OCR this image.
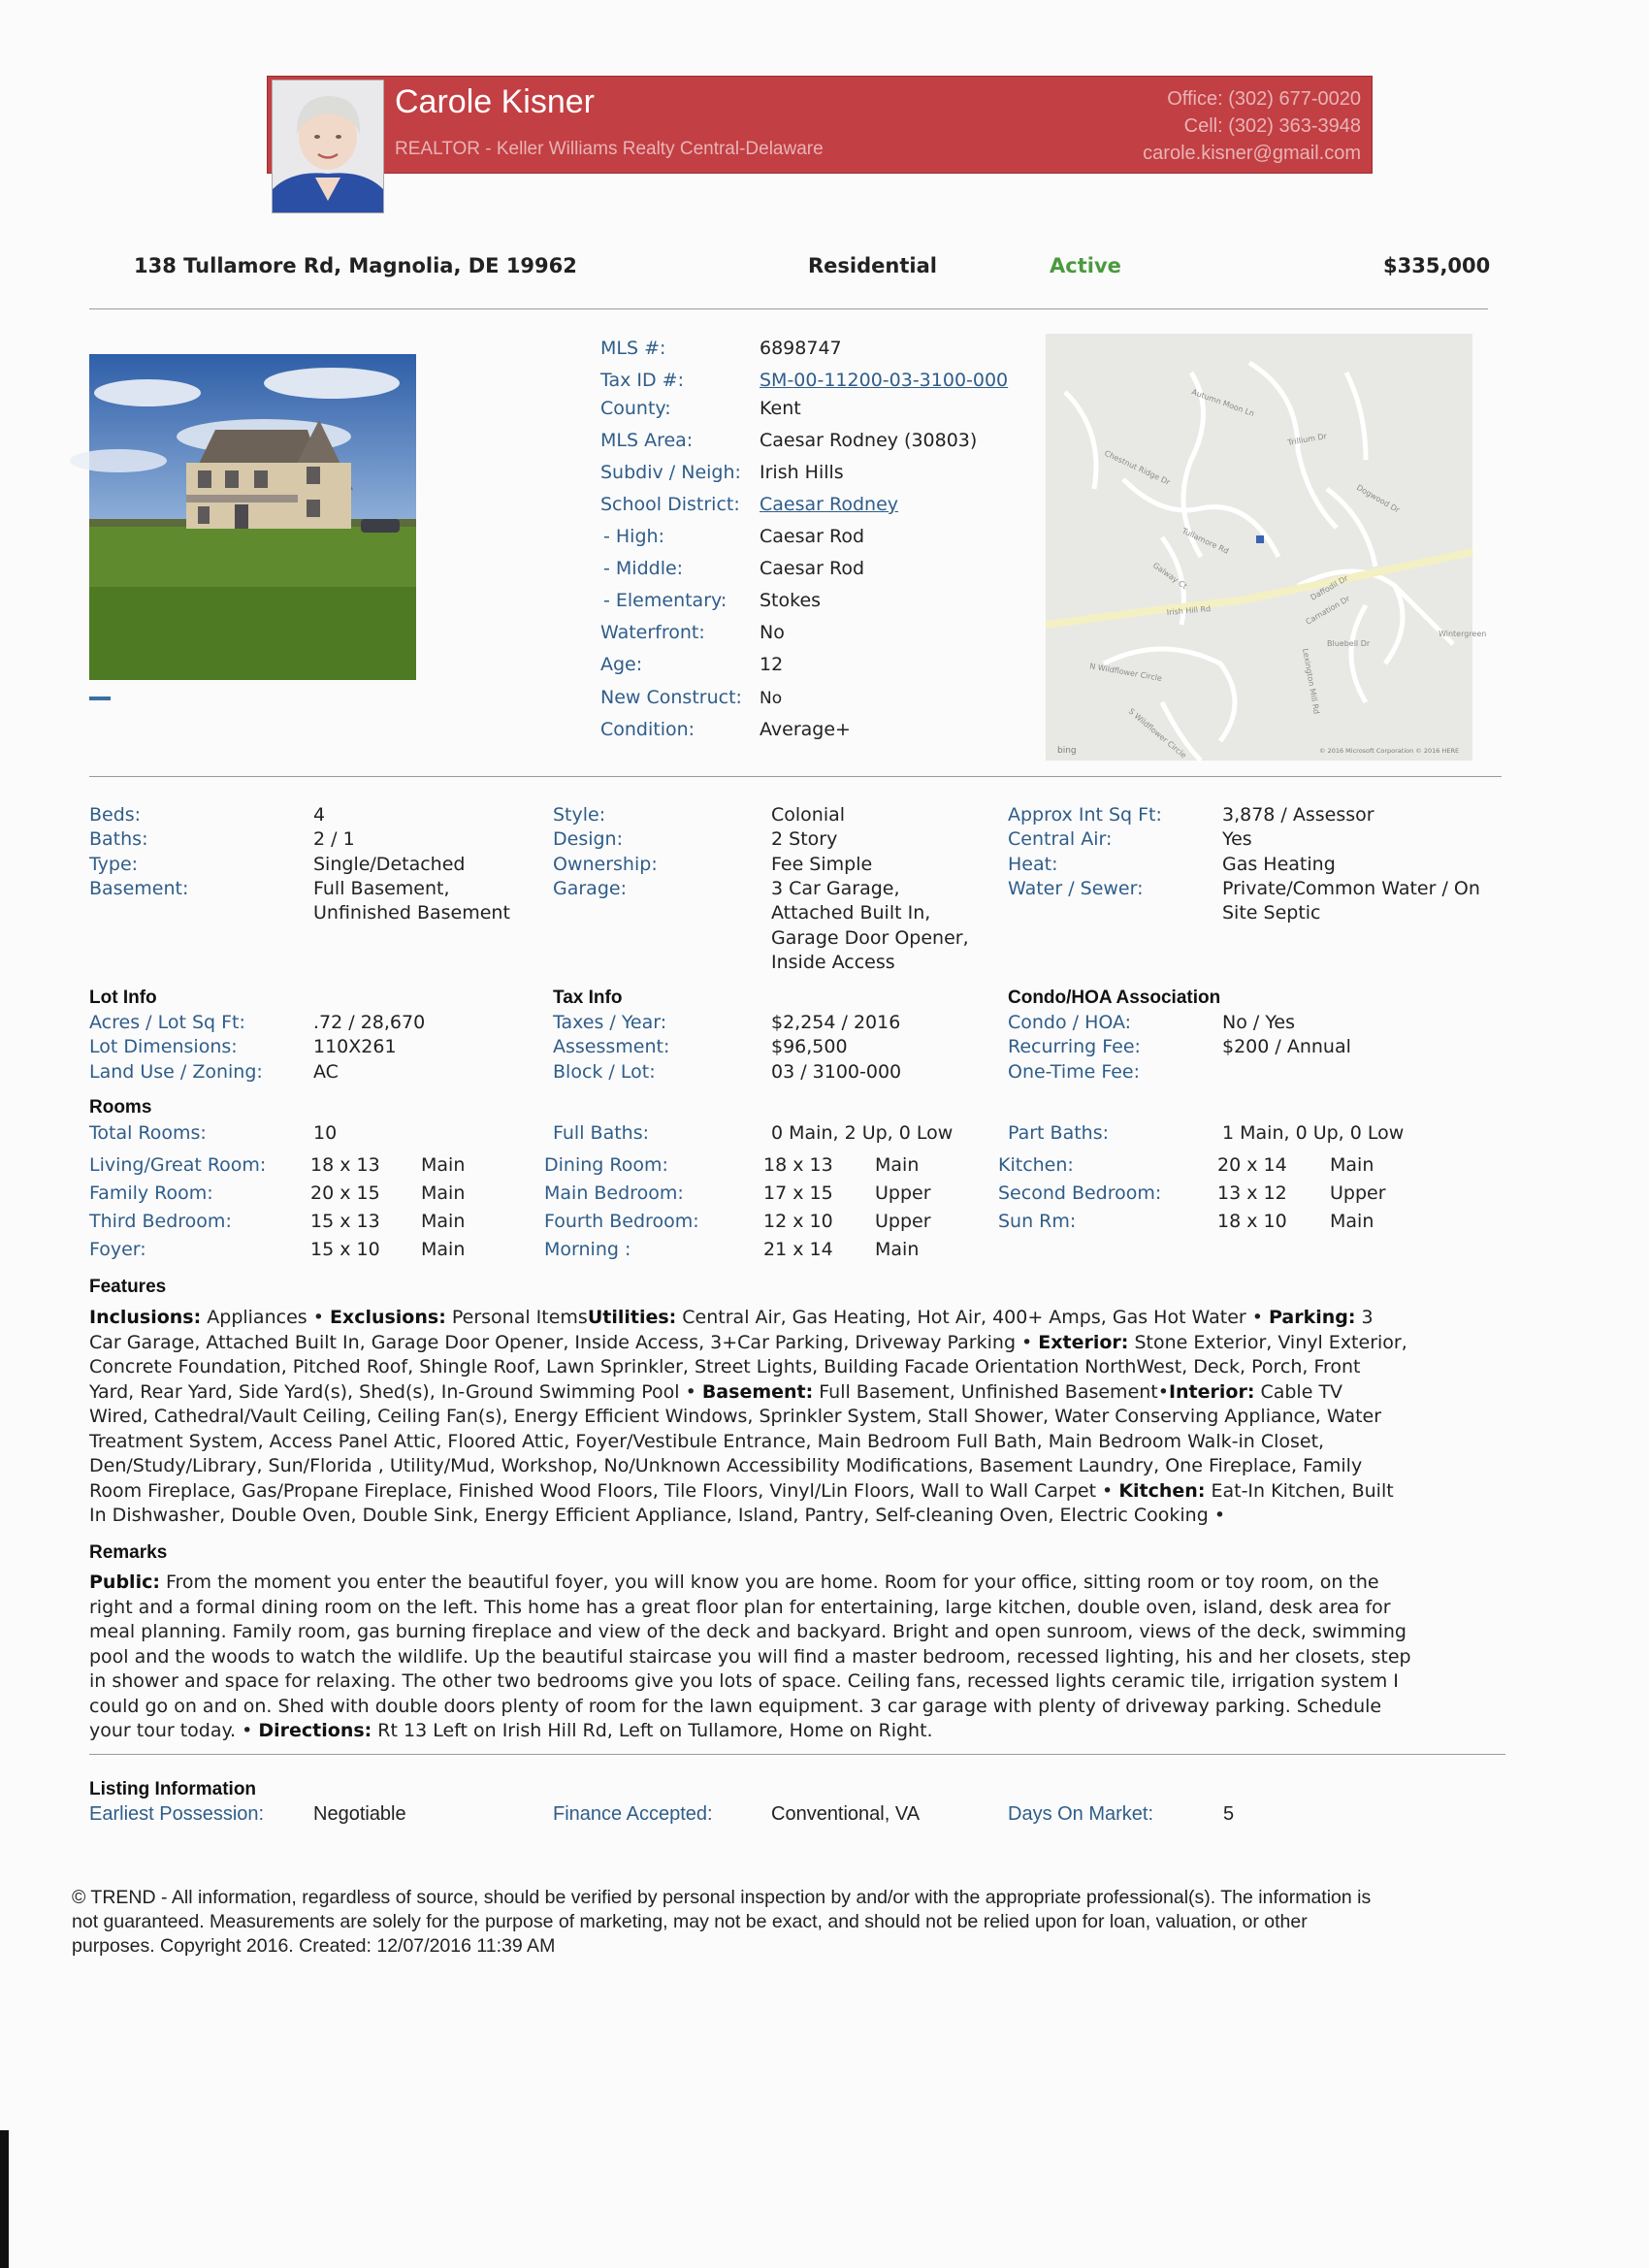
Carole Kisner
REALTOR - Keller Williams Realty Central-Delaware
Office: (302) 677-0020
Cell: (302) 363-3948
carole.kisner@gmail.com
138 Tullamore Rd, Magnolia, DE 19962	Residential	Active	$335,000
MLS #:	6898747
Tax ID #:	SM-00-11200-03-3100-000
County:	Kent
MLS Area:	Caesar Rodney (30803)
Subdiv / Neigh: Irish Hills
School District: Caesar Rodney
- High:	Caesar Rod
- Middle:	Caesar Rod
- Elementary: Stokes
Waterfront:	No
Age:	12
New Construct: No
Condition:	Average+
Autumn Moon Ln
Trillium Dr
Chestnut Ridge Dr
Tullamore Rd
Galway Ct
Irish Hill Rd
Dogwood Dr
Daffodil Dr
Carnation Dr
Bluebell Dr
N Wildflower Circle
S Wildflower Circle
Lexington Mill Rd
Wintergreen
bing	© 2016 Microsoft Corporation © 2016 HERE
Beds:	4
Baths:	2 / 1
Type:	Single/Detached
Basement:	Full Basement,
Unfinished Basement
Style:	Colonial
Design:	2 Story
Ownership:	Fee Simple
Garage:	3 Car Garage,
Attached Built In,
Garage Door Opener,
Inside Access
Approx Int Sq Ft:	3,878 / Assessor
Central Air:	Yes
Heat:	Gas Heating
Water / Sewer:	Private/Common Water / On
Site Septic
Lot Info
Acres / Lot Sq Ft:	.72 / 28,670
Lot Dimensions:	110X261
Land Use / Zoning:	AC
Tax Info
Taxes / Year:	$2,254 / 2016
Assessment:	$96,500
Block / Lot:	03 / 3100-000
Condo/HOA Association
Condo / HOA:	No / Yes
Recurring Fee:	$200 / Annual
One-Time Fee:
Rooms
Total Rooms:	10	Full Baths:	0 Main, 2 Up, 0 Low	Part Baths:	1 Main, 0 Up, 0 Low
Living/Great Room: 18 x 13 Main	Dining Room:	18 x 13 Main	Kitchen:	20 x 14 Main
Family Room:	20 x 15 Main	Main Bedroom:	17 x 15 Upper	Second Bedroom:	13 x 12 Upper
Third Bedroom:	15 x 13 Main	Fourth Bedroom:	12 x 10 Upper	Sun Rm:	18 x 10 Main
Foyer:	15 x 10 Main	Morning :	21 x 14 Main
Features
Inclusions: Appliances • Exclusions: Personal ItemsUtilities: Central Air, Gas Heating, Hot Air, 400+ Amps, Gas Hot Water • Parking: 3
Car Garage, Attached Built In, Garage Door Opener, Inside Access, 3+Car Parking, Driveway Parking • Exterior: Stone Exterior, Vinyl Exterior,
Concrete Foundation, Pitched Roof, Shingle Roof, Lawn Sprinkler, Street Lights, Building Facade Orientation NorthWest, Deck, Porch, Front
Yard, Rear Yard, Side Yard(s), Shed(s), In-Ground Swimming Pool • Basement: Full Basement, Unfinished Basement•Interior: Cable TV
Wired, Cathedral/Vault Ceiling, Ceiling Fan(s), Energy Efficient Windows, Sprinkler System, Stall Shower, Water Conserving Appliance, Water
Treatment System, Access Panel Attic, Floored Attic, Foyer/Vestibule Entrance, Main Bedroom Full Bath, Main Bedroom Walk-in Closet,
Den/Study/Library, Sun/Florida , Utility/Mud, Workshop, No/Unknown Accessibility Modifications, Basement Laundry, One Fireplace, Family
Room Fireplace, Gas/Propane Fireplace, Finished Wood Floors, Tile Floors, Vinyl/Lin Floors, Wall to Wall Carpet • Kitchen: Eat-In Kitchen, Built
In Dishwasher, Double Oven, Double Sink, Energy Efficient Appliance, Island, Pantry, Self-cleaning Oven, Electric Cooking •
Remarks
Public: From the moment you enter the beautiful foyer, you will know you are home. Room for your office, sitting room or toy room, on the
right and a formal dining room on the left. This home has a great floor plan for entertaining, large kitchen, double oven, island, desk area for
meal planning. Family room, gas burning fireplace and view of the deck and backyard. Bright and open sunroom, views of the deck, swimming
pool and the woods to watch the wildlife. Up the beautiful staircase you will find a master bedroom, recessed lighting, his and her closets, step
in shower and space for relaxing. The other two bedrooms give you lots of space. Ceiling fans, recessed lights ceramic tile, irrigation system I
could go on and on. Shed with double doors plenty of room for the lawn equipment. 3 car garage with plenty of driveway parking. Schedule
your tour today. • Directions: Rt 13 Left on Irish Hill Rd, Left on Tullamore, Home on Right.
Listing Information
Earliest Possession:	Negotiable	Finance Accepted:	Conventional, VA	Days On Market:	5
© TREND - All information, regardless of source, should be verified by personal inspection by and/or with the appropriate professional(s). The information is
not guaranteed. Measurements are solely for the purpose of marketing, may not be exact, and should not be relied upon for loan, valuation, or other
purposes. Copyright 2016. Created: 12/07/2016 11:39 AM
